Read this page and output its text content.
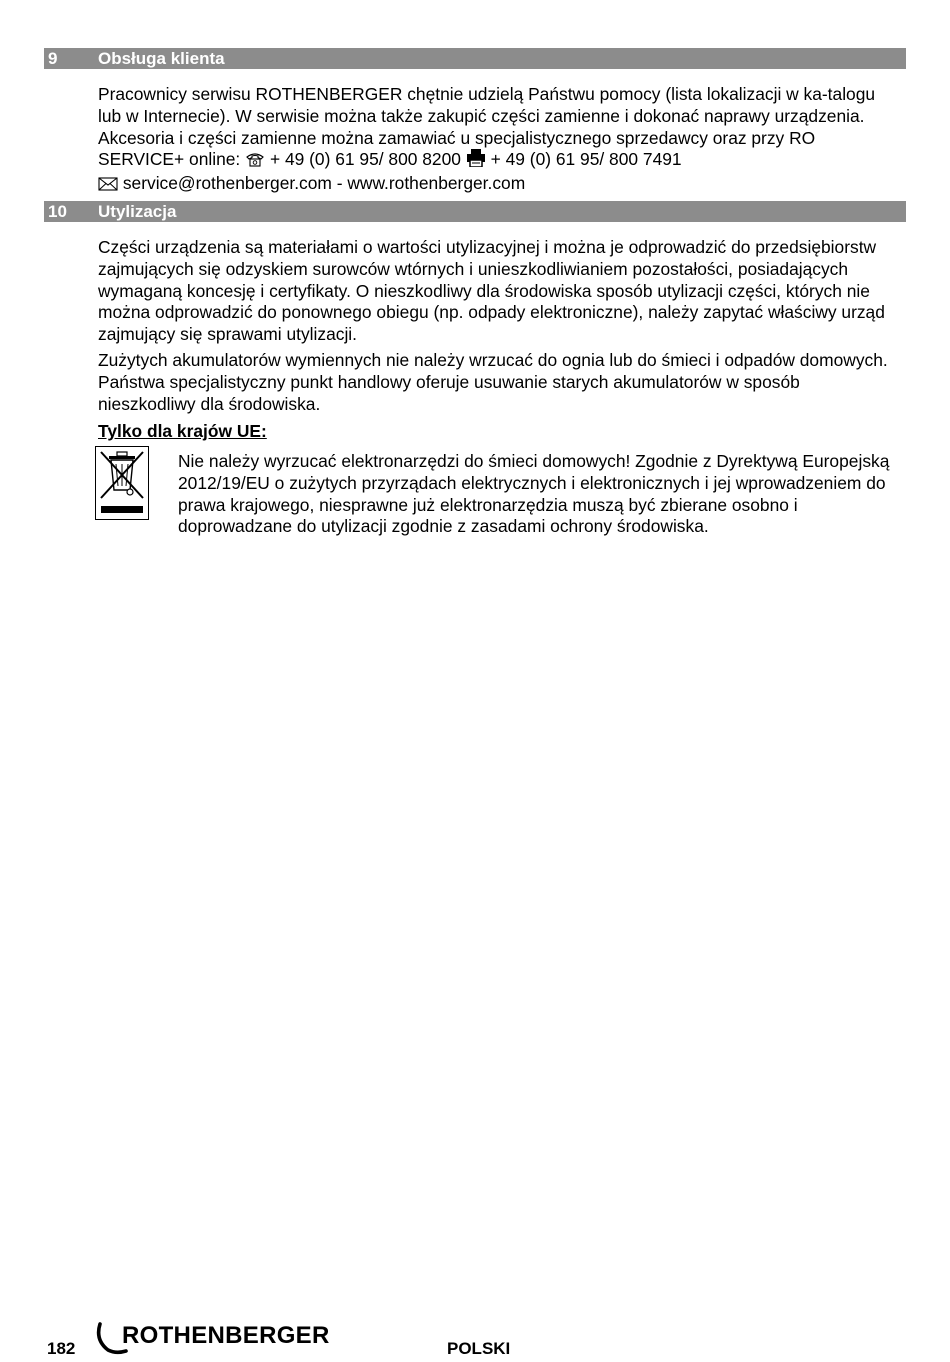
9 Obsługa klienta
Pracownicy serwisu ROTHENBERGER chętnie udzielą Państwu pomocy (lista lokalizacji w ka-talogu lub w Internecie). W serwisie można także zakupić części zamienne i dokonać naprawy urządzenia. Akcesoria i części zamienne można zamawiać u specjalistycznego sprzedawcy oraz przy RO SERVICE+ online: + 49 (0) 61 95/ 800 8200 + 49 (0) 61 95/ 800 7491
service@rothenberger.com - www.rothenberger.com
10 Utylizacja

Części urządzenia są materiałami o wartości utylizacyjnej i można je odprowadzić do przedsiębiorstw zajmujących się odzyskiem surowców wtórnych i unieszkodliwianiem pozostałości, posiadających wymaganą koncesję i certyfikaty. O nieszkodliwy dla środowiska sposób utylizacji części, których nie można odprowadzić do ponownego obiegu (np. odpady elektroniczne), należy zapytać właściwy urząd zajmujący się sprawami utylizacji.

Zużytych akumulatorów wymiennych nie należy wrzucać do ognia lub do śmieci i odpadów domowych. Państwa specjalistyczny punkt handlowy oferuje usuwanie starych akumulatorów w sposób nieszkodliwy dla środowiska.

Tylko dla krajów UE:

Nie należy wyrzucać elektronarzędzi do śmieci domowych! Zgodnie z Dyrektywą Europejską 2012/19/EU o zużytych przyrządach elektrycznych i elektronicznych i jej wprowadzeniem do prawa krajowego, niesprawne już elektronarzędzia muszą być zbierane osobno i doprowadzane do utylizacji zgodnie z zasadami ochrony środowiska.

182 ROTHENBERGER	POLSKI
